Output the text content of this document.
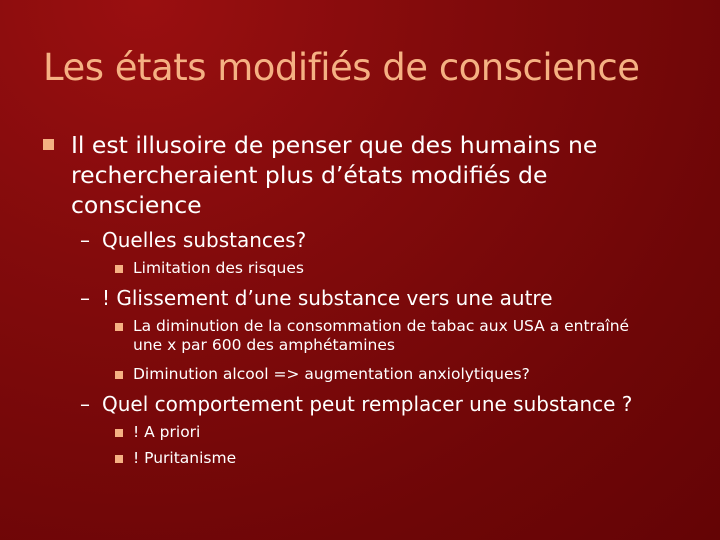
Les états modifiés de conscience
Il est illusoire de penser que des humains ne rechercheraient plus d’états modifiés de conscience
– Quelles substances?
Limitation des risques
– ! Glissement d’une substance vers une autre
La diminution de la consommation de tabac aux USA a entraîné une x par 600 des amphétamines
Diminution alcool => augmentation anxiolytiques?
– Quel comportement peut remplacer une substance ?
! A priori
! Puritanisme
